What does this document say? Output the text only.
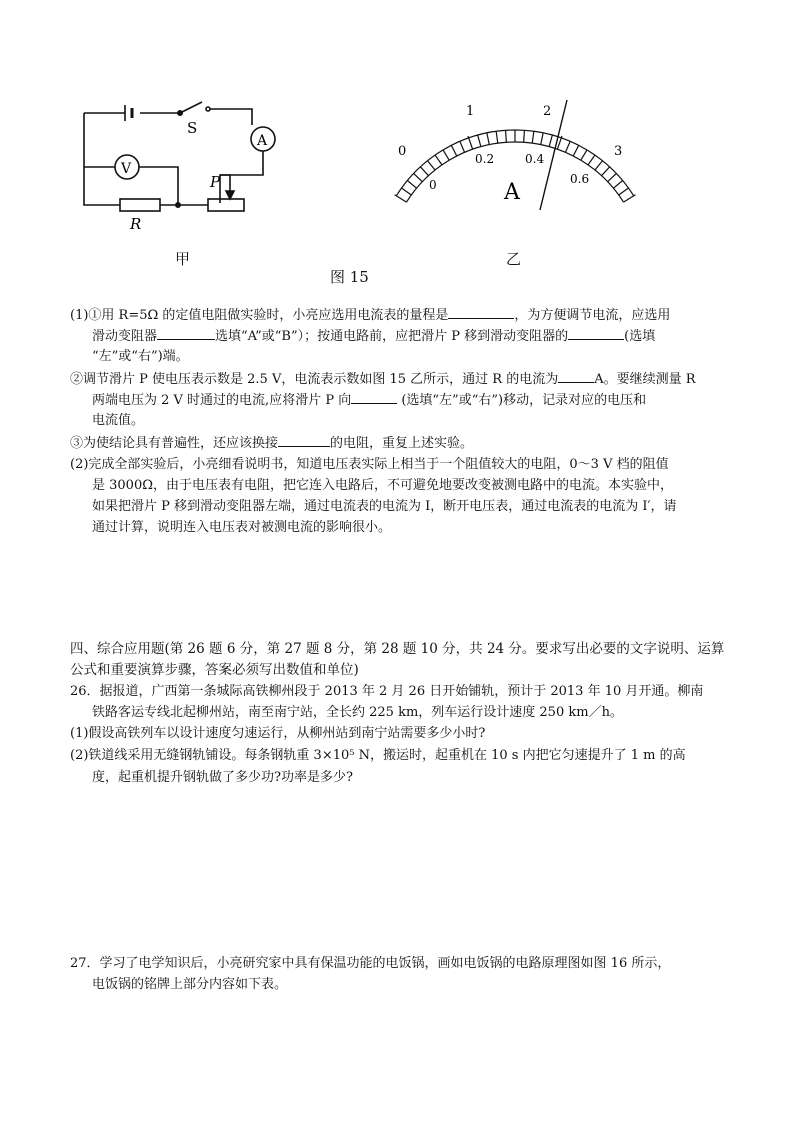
S
A
V
R
P
0
1	2
3
0
0.2	0.4
0.6
A
甲	乙
图 15
(1)①用 R=5Ω 的定值电阻做实验时，小亮应选用电流表的量程是	，为方便调节电流，应选用
滑动变阻器	选填“A”或“B”）；按通电路前，应把滑片 P 移到滑动变阻器的	(选填
“左”或“右”)端。
②调节滑片 P 使电压表示数是 2.5 V，电流表示数如图 15 乙所示，通过 R 的电流为	A。要继续测量 R
两端电压为 2 V 时通过的电流,应将滑片 P 向	(选填“左”或“右”)移动，记录对应的电压和
电流值。
③为使结论具有普遍性，还应该换接	的电阻，重复上述实验。
(2)完成全部实验后，小亮细看说明书，知道电压表实际上相当于一个阻值较大的电阻，0～3 V 档的阻值
是 3000Ω，由于电压表有电阻，把它连入电路后，不可避免地要改变被测电路中的电流。本实验中，
如果把滑片 P 移到滑动变阻器左端，通过电流表的电流为 I，断开电压表，通过电流表的电流为 I′，请
通过计算，说明连入电压表对被测电流的影响很小。
四、综合应用题(第 26 题 6 分，第 27 题 8 分，第 28 题 10 分，共 24 分。要求写出必要的文字说明、运算
公式和重要演算步骤，答案必须写出数值和单位)
26．据报道，广西第一条城际高铁柳州段于 2013 年 2 月 26 日开始铺轨，预计于 2013 年 10 月开通。柳南
铁路客运专线北起柳州站，南至南宁站，全长约 225 km，列车运行设计速度 250 km／h。
(1)假设高铁列车以设计速度匀速运行，从柳州站到南宁站需要多少小时?
(2)铁道线采用无缝钢轨铺设。每条钢轨重 3×10⁵ N，搬运时，起重机在 10 s 内把它匀速提升了 1 m 的高
度，起重机提升钢轨做了多少功?功率是多少?
27．学习了电学知识后，小亮研究家中具有保温功能的电饭锅，画如电饭锅的电路原理图如图 16 所示，
电饭锅的铭牌上部分内容如下表。
